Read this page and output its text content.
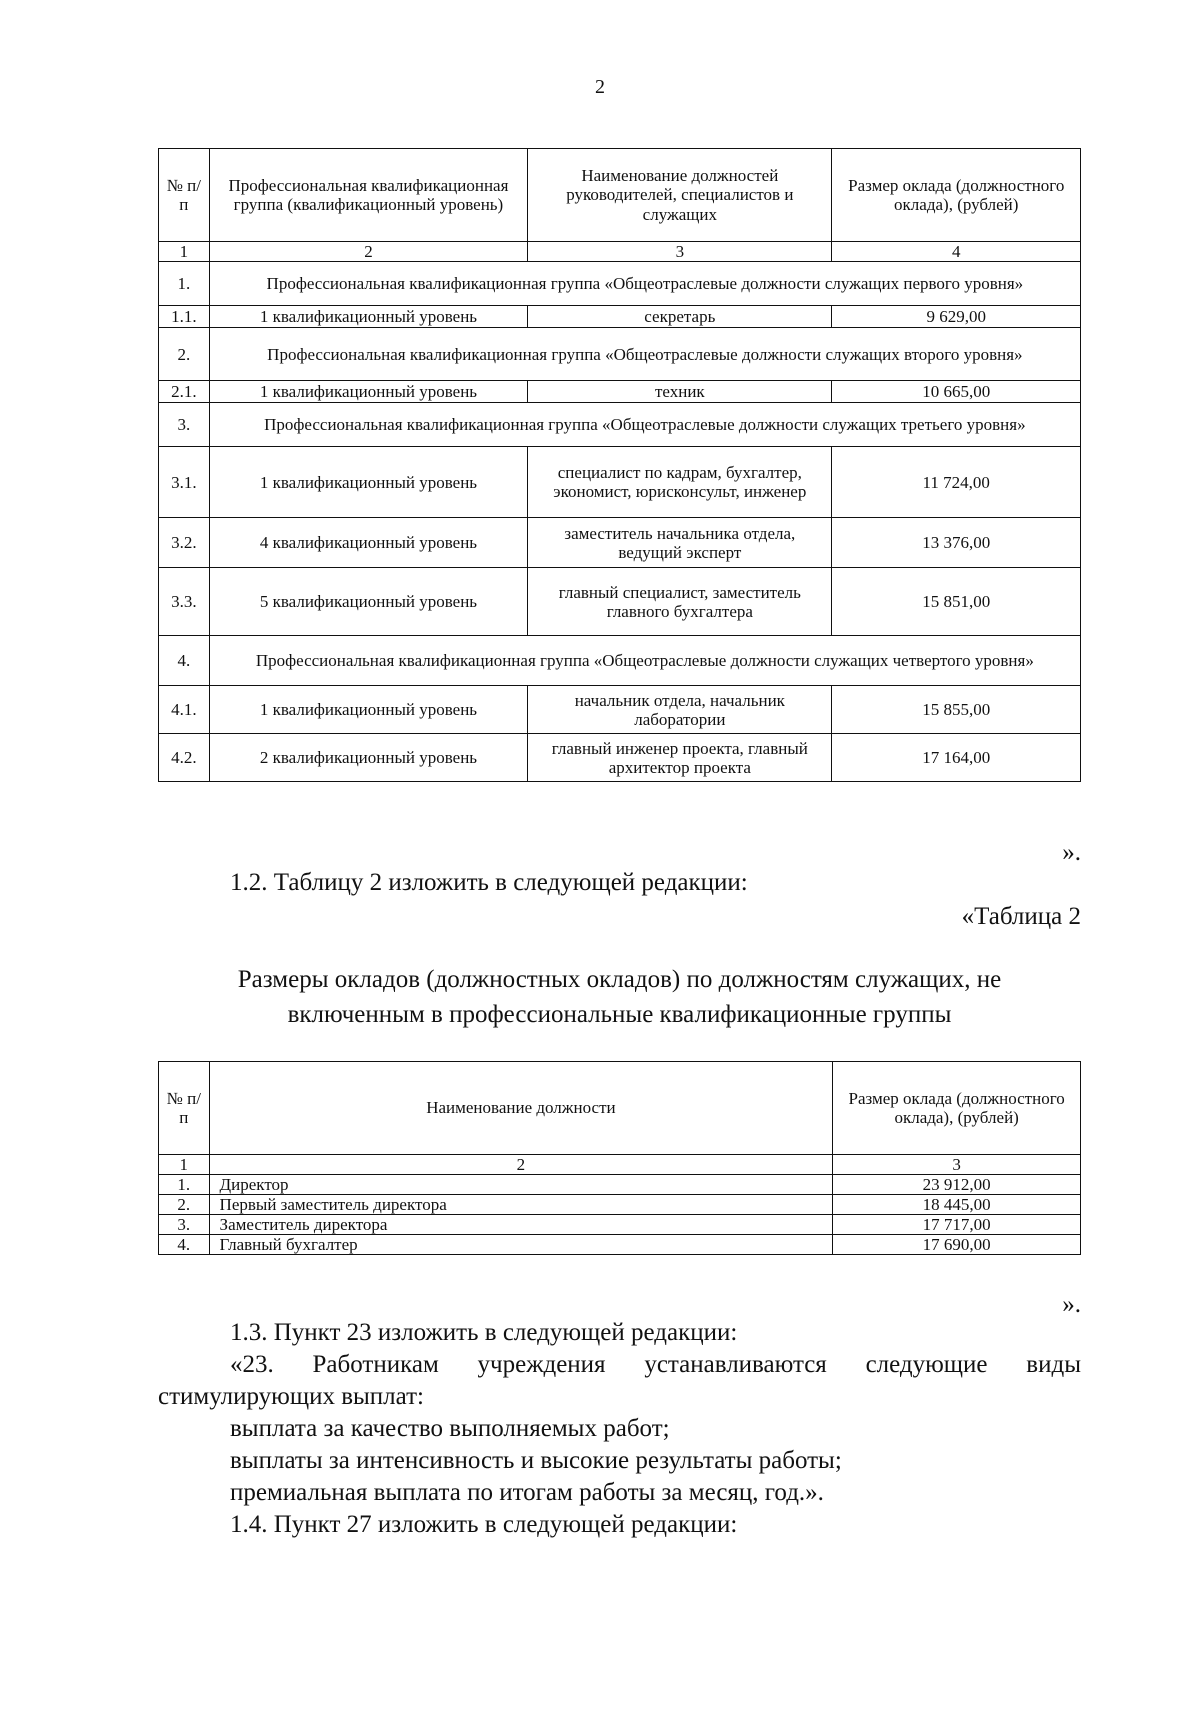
2
№ п/п	Профессиональная квалификационная группа (квалификационный уровень)	Наименование должностей руководителей, специалистов и служащих	Размер оклада (должностного оклада), (рублей)
1	2	3	4
1.	Профессиональная квалификационная группа «Общеотраслевые должности служащих первого уровня»		
1.1.	1 квалификационный уровень	секретарь	9 629,00
2.	Профессиональная квалификационная группа «Общеотраслевые должности служащих второго уровня»		
2.1.	1 квалификационный уровень	техник	10 665,00
3.	Профессиональная квалификационная группа «Общеотраслевые должности служащих третьего уровня»		
3.1.	1 квалификационный уровень	специалист по кадрам, бухгалтер, экономист, юрисконсульт, инженер	11 724,00
3.2.	4 квалификационный уровень	заместитель начальника отдела, ведущий эксперт	13 376,00
3.3.	5 квалификационный уровень	главный специалист, заместитель главного бухгалтера	15 851,00
4.	Профессиональная квалификационная группа «Общеотраслевые должности служащих четвертого уровня»		
4.1.	1 квалификационный уровень	начальник отдела, начальник лаборатории	15 855,00
4.2.	2 квалификационный уровень	главный инженер проекта, главный архитектор проекта	17 164,00
».
1.2. Таблицу 2 изложить в следующей редакции:
«Таблица 2
Размеры окладов (должностных окладов) по должностям служащих, не
включенным в профессиональные квалификационные группы
№ п/п	Наименование должности	Размер оклада (должностного оклада), (рублей)
1	2	3
1.	Директор	23 912,00
2.	Первый заместитель директора	18 445,00
3.	Заместитель директора	17 717,00
4.	Главный бухгалтер	17 690,00
».
1.3. Пункт 23 изложить в следующей редакции:
«23. Работникам учреждения устанавливаются следующие виды
стимулирующих выплат:
выплата за качество выполняемых работ;
выплаты за интенсивность и высокие результаты работы;
премиальная выплата по итогам работы за месяц, год.».
1.4. Пункт 27 изложить в следующей редакции:
